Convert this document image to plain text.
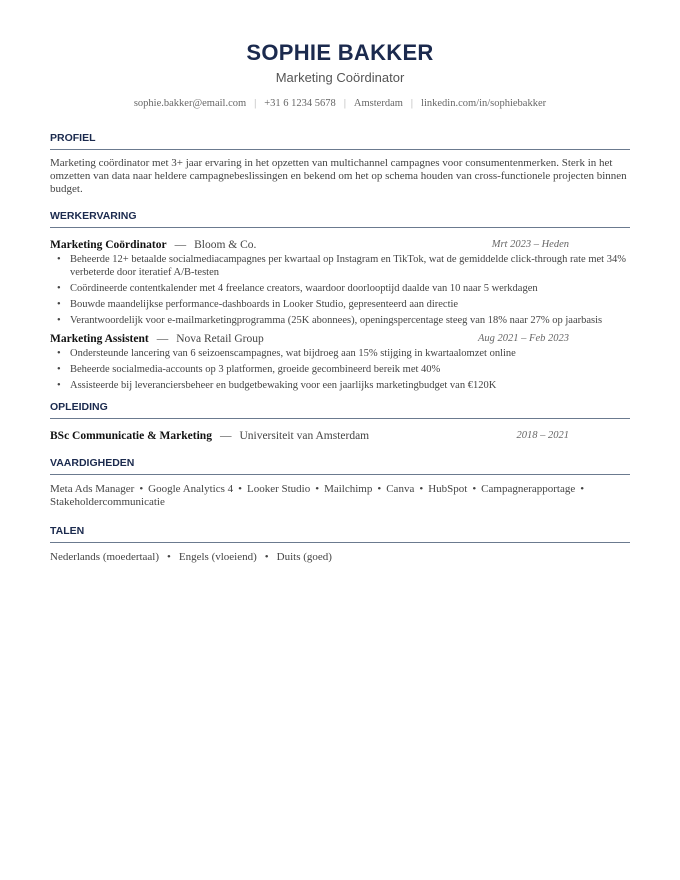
SOPHIE BAKKER
Marketing Coördinator
sophie.bakker@email.com | +31 6 1234 5678 | Amsterdam | linkedin.com/in/sophiebakker
PROFIEL
Marketing coördinator met 3+ jaar ervaring in het opzetten van multichannel campagnes voor consumentenmerken. Sterk in het omzetten van data naar heldere campagnebeslissingen en bekend om het op schema houden van cross-functionele projecten binnen budget.
WERKERVARING
Marketing Coördinator — Bloom & Co.	Mrt 2023 – Heden
• Beheerde 12+ betaalde socialmediacampagnes per kwartaal op Instagram en TikTok, wat de gemiddelde click-through rate met 34% verbeterde door iteratief A/B-testen
• Coördineerde contentkalender met 4 freelance creators, waardoor doorlooptijd daalde van 10 naar 5 werkdagen
• Bouwde maandelijkse performance-dashboards in Looker Studio, gepresenteerd aan directie
• Verantwoordelijk voor e-mailmarketingprogramma (25K abonnees), openingspercentage steeg van 18% naar 27% op jaarbasis
Marketing Assistent — Nova Retail Group	Aug 2021 – Feb 2023
• Ondersteunde lancering van 6 seizoenscampagnes, wat bijdroeg aan 15% stijging in kwartaalomzet online
• Beheerde socialmedia-accounts op 3 platformen, groeide gecombineerd bereik met 40%
• Assisteerde bij leveranciersbeheer en budgetbewaking voor een jaarlijks marketingbudget van €120K
OPLEIDING
BSc Communicatie & Marketing — Universiteit van Amsterdam	2018 – 2021
VAARDIGHEDEN
Meta Ads Manager • Google Analytics 4 • Looker Studio • Mailchimp • Canva • HubSpot • Campagnerapportage • Stakeholdercommunicatie
TALEN
Nederlands (moedertaal) • Engels (vloeiend) • Duits (goed)
